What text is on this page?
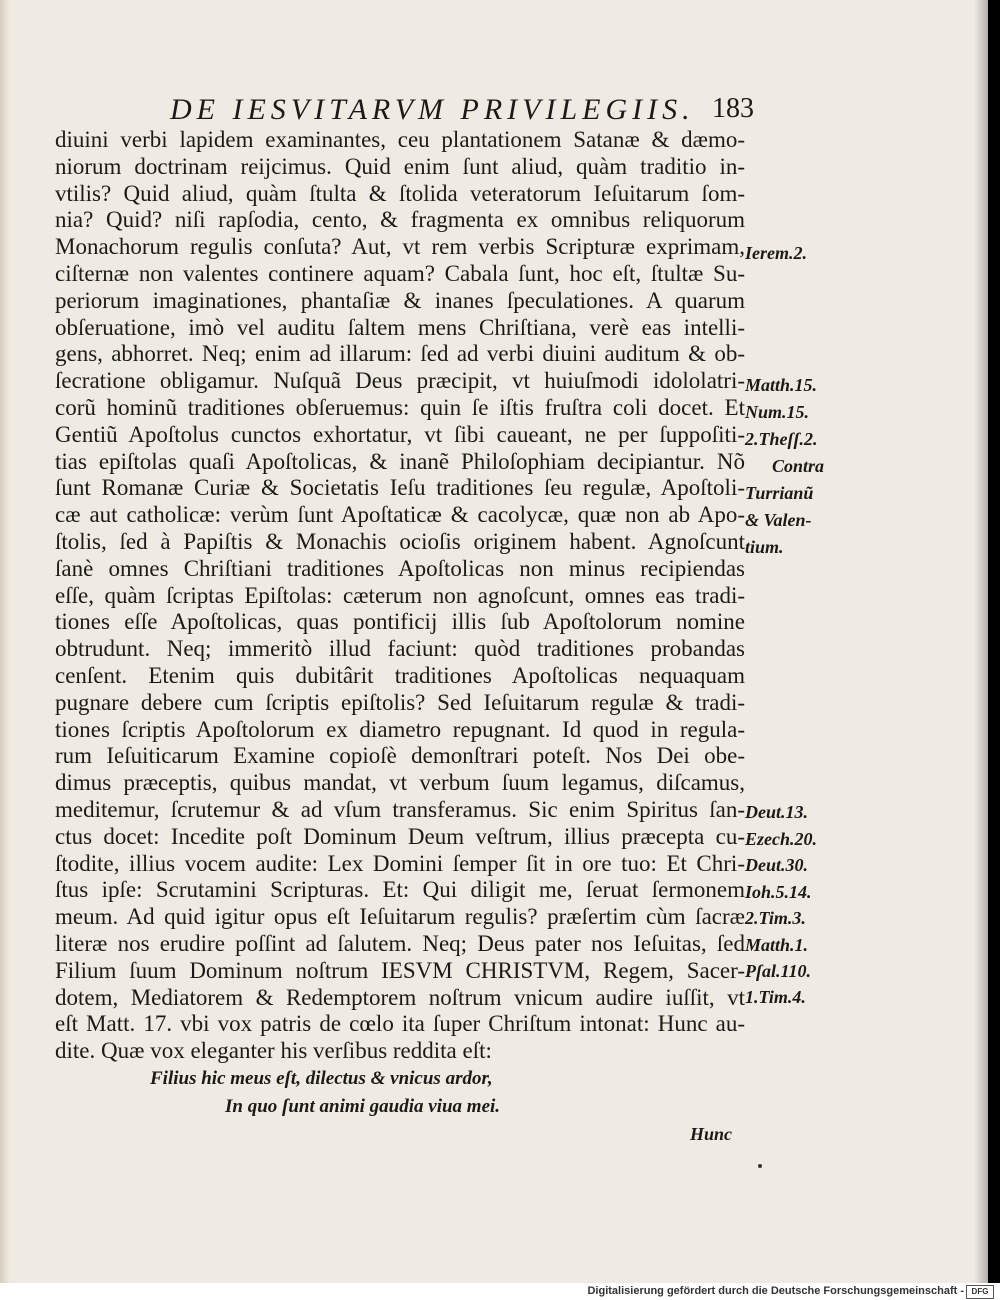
DE IESVITARVM PRIVILEGIIS. 183
diuini verbi lapidem examinantes, ceu plantationem Satanæ & dæmo-
niorum doctrinam reijcimus. Quid enim ſunt aliud, quàm traditio in-
vtilis? Quid aliud, quàm ſtulta & ſtolida veteratorum Ieſuitarum ſom-
nia? Quid? niſi rapſodia, cento, & fragmenta ex omnibus reliquorum
Monachorum regulis conſuta? Aut, vt rem verbis Scripturæ exprimam,
ciſternæ non valentes continere aquam? Cabala ſunt, hoc eſt, ſtultæ Su-
periorum imaginationes, phantaſiæ & inanes ſpeculationes. A quarum
obſeruatione, imò vel auditu ſaltem mens Chriſtiana, verè eas intelli-
gens, abhorret. Neq; enim ad illarum: ſed ad verbi diuini auditum & ob-
ſecratione obligamur. Nuſquã Deus præcipit, vt huiuſmodi idololatri-
corũ hominũ traditiones obſeruemus: quin ſe iſtis fruſtra coli docet. Et
Gentiũ Apoſtolus cunctos exhortatur, vt ſibi caueant, ne per ſuppoſiti-
tias epiſtolas quaſi Apoſtolicas, & inanẽ Philoſophiam decipiantur. Nõ
ſunt Romanæ Curiæ & Societatis Ieſu traditiones ſeu regulæ, Apoſtoli-
cæ aut catholicæ: verùm ſunt Apoſtaticæ & cacolycæ, quæ non ab Apo-
ſtolis, ſed à Papiſtis & Monachis ocioſis originem habent. Agnoſcunt
ſanè omnes Chriſtiani traditiones Apoſtolicas non minus recipiendas
eſſe, quàm ſcriptas Epiſtolas: cæterum non agnoſcunt, omnes eas tradi-
tiones eſſe Apoſtolicas, quas pontificij illis ſub Apoſtolorum nomine
obtrudunt. Neq; immeritò illud faciunt: quòd traditiones probandas
cenſent. Etenim quis dubitârit traditiones Apoſtolicas nequaquam
pugnare debere cum ſcriptis epiſtolis? Sed Ieſuitarum regulæ & tradi-
tiones ſcriptis Apoſtolorum ex diametro repugnant. Id quod in regula-
rum Ieſuiticarum Examine copioſè demonſtrari poteſt. Nos Dei obe-
dimus præceptis, quibus mandat, vt verbum ſuum legamus, diſcamus,
meditemur, ſcrutemur & ad vſum transferamus. Sic enim Spiritus ſan-
ctus docet: Incedite poſt Dominum Deum veſtrum, illius præcepta cu-
ſtodite, illius vocem audite: Lex Domini ſemper ſit in ore tuo: Et Chri-
ſtus ipſe: Scrutamini Scripturas. Et: Qui diligit me, ſeruat ſermonem
meum. Ad quid igitur opus eſt Ieſuitarum regulis? præſertim cùm ſacræ
literæ nos erudire poſſint ad ſalutem. Neq; Deus pater nos Ieſuitas, ſed
Filium ſuum Dominum noſtrum IESVM CHRISTVM, Regem, Sacer-
dotem, Mediatorem & Redemptorem noſtrum vnicum audire iuſſit, vt
eſt Matt. 17. vbi vox patris de cœlo ita ſuper Chriſtum intonat: Hunc au-
dite. Quæ vox eleganter his verſibus reddita eſt:
Ierem.2.
Matth.15.
Num.15.
2.Theſſ.2.
Contra
Turrianũ
& Valen-
tium.
Deut.13.
Ezech.20.
Deut.30.
Ioh.5.14.
2.Tim.3.
Matth.1.
Pſal.110.
1.Tim.4.
Filius hic meus eſt, dilectus & vnicus ardor,
In quo ſunt animi gaudia viua mei.
Hunc
Digitalisierung gefördert durch die Deutsche Forschungsgemeinschaft - DFG
